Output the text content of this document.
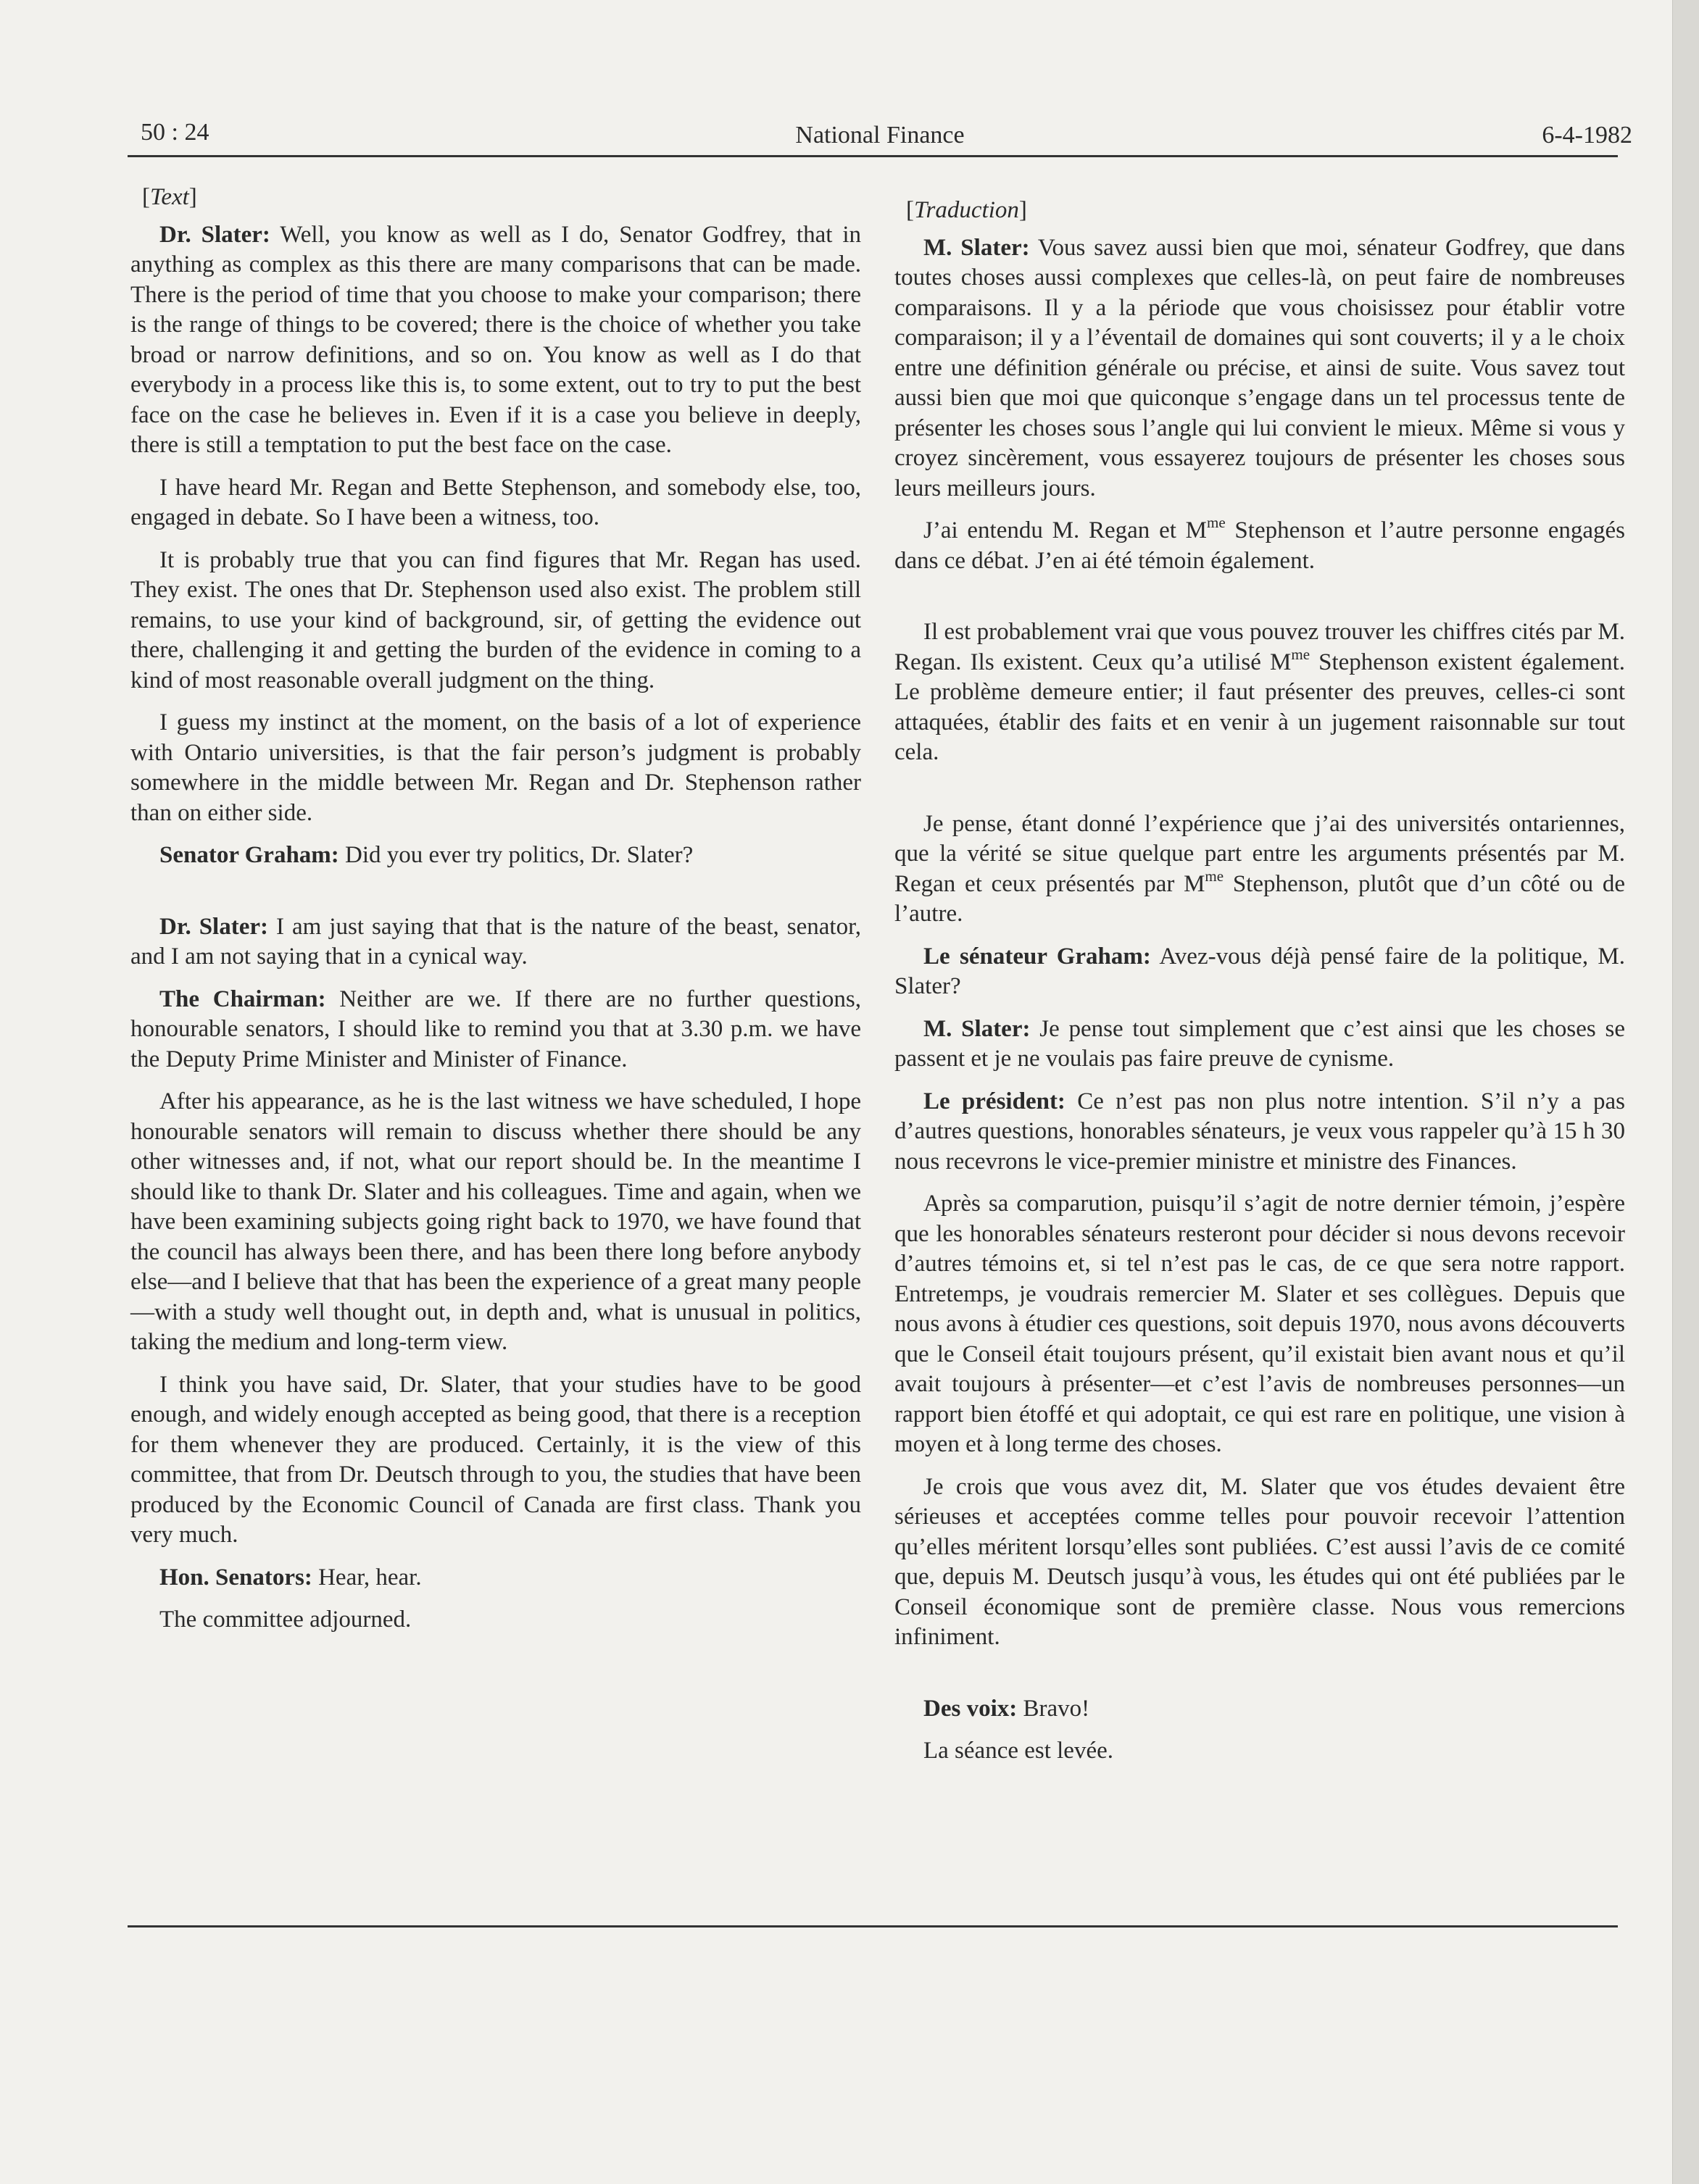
50 : 24	National Finance	6-4-1982
[Text]

Dr. Slater: Well, you know as well as I do, Senator Godfrey, that in anything as complex as this there are many comparisons that can be made. There is the period of time that you choose to make your comparison; there is the range of things to be covered; there is the choice of whether you take broad or narrow definitions, and so on. You know as well as I do that everybody in a process like this is, to some extent, out to try to put the best face on the case he believes in. Even if it is a case you believe in deeply, there is still a temptation to put the best face on the case.

I have heard Mr. Regan and Bette Stephenson, and somebody else, too, engaged in debate. So I have been a witness, too.

It is probably true that you can find figures that Mr. Regan has used. They exist. The ones that Dr. Stephenson used also exist. The problem still remains, to use your kind of background, sir, of getting the evidence out there, challenging it and getting the burden of the evidence in coming to a kind of most reasonable overall judgment on the thing.

I guess my instinct at the moment, on the basis of a lot of experience with Ontario universities, is that the fair person’s judgment is probably somewhere in the middle between Mr. Regan and Dr. Stephenson rather than on either side.

Senator Graham: Did you ever try politics, Dr. Slater?

Dr. Slater: I am just saying that that is the nature of the beast, senator, and I am not saying that in a cynical way.

The Chairman: Neither are we. If there are no further questions, honourable senators, I should like to remind you that at 3.30 p.m. we have the Deputy Prime Minister and Minister of Finance.

After his appearance, as he is the last witness we have scheduled, I hope honourable senators will remain to discuss whether there should be any other witnesses and, if not, what our report should be. In the meantime I should like to thank Dr. Slater and his colleagues. Time and again, when we have been examining subjects going right back to 1970, we have found that the council has always been there, and has been there long before anybody else—and I believe that that has been the experience of a great many people—with a study well thought out, in depth and, what is unusual in politics, taking the medium and long-term view.

I think you have said, Dr. Slater, that your studies have to be good enough, and widely enough accepted as being good, that there is a reception for them whenever they are produced. Certainly, it is the view of this committee, that from Dr. Deutsch through to you, the studies that have been produced by the Economic Council of Canada are first class. Thank you very much.

Hon. Senators: Hear, hear.

The committee adjourned.

[Traduction]

M. Slater: Vous savez aussi bien que moi, sénateur Godfrey, que dans toutes choses aussi complexes que celles-là, on peut faire de nombreuses comparaisons. Il y a la période que vous choisissez pour établir votre comparaison; il y a l’éventail de domaines qui sont couverts; il y a le choix entre une définition générale ou précise, et ainsi de suite. Vous savez tout aussi bien que moi que quiconque s’engage dans un tel processus tente de présenter les choses sous l’angle qui lui convient le mieux. Même si vous y croyez sincèrement, vous essayerez toujours de présenter les choses sous leurs meilleurs jours.

J’ai entendu M. Regan et $M^{me}$ Stephenson et l’autre personne engagés dans ce débat. J’en ai été témoin également.

Il est probablement vrai que vous pouvez trouver les chiffres cités par M. Regan. Ils existent. Ceux qu’a utilisé $M^{me}$ Stephenson existent également. Le problème demeure entier; il faut présenter des preuves, celles-ci sont attaquées, établir des faits et en venir à un jugement raisonnable sur tout cela.

Je pense, étant donné l’expérience que j’ai des universités ontariennes, que la vérité se situe quelque part entre les arguments présentés par M. Regan et ceux présentés par $M^{me}$ Stephenson, plutôt que d’un côté ou de l’autre.

Le sénateur Graham: Avez-vous déjà pensé faire de la politique, M. Slater?

M. Slater: Je pense tout simplement que c’est ainsi que les choses se passent et je ne voulais pas faire preuve de cynisme.

Le président: Ce n’est pas non plus notre intention. S’il n’y a pas d’autres questions, honorables sénateurs, je veux vous rappeler qu’à 15 h 30 nous recevrons le vice-premier ministre et ministre des Finances.

Après sa comparution, puisqu’il s’agit de notre dernier témoin, j’espère que les honorables sénateurs resteront pour décider si nous devons recevoir d’autres témoins et, si tel n’est pas le cas, de ce que sera notre rapport. Entretemps, je voudrais remercier M. Slater et ses collègues. Depuis que nous avons à étudier ces questions, soit depuis 1970, nous avons découverts que le Conseil était toujours présent, qu’il existait bien avant nous et qu’il avait toujours à présenter—et c’est l’avis de nombreuses personnes—un rapport bien étoffé et qui adoptait, ce qui est rare en politique, une vision à moyen et à long terme des choses.

Je crois que vous avez dit, M. Slater que vos études devaient être sérieuses et acceptées comme telles pour pouvoir recevoir l’attention qu’elles méritent lorsqu’elles sont publiées. C’est aussi l’avis de ce comité que, depuis M. Deutsch jusqu’à vous, les études qui ont été publiées par le Conseil économique sont de première classe. Nous vous remercions infiniment.

Des voix: Bravo!

La séance est levée.
